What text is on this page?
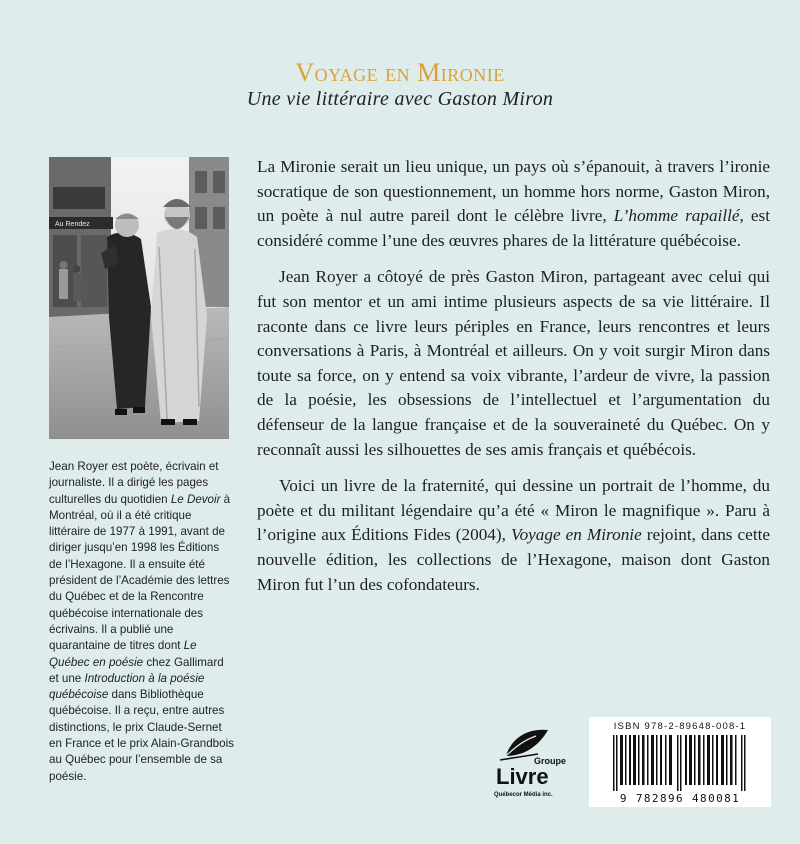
Voyage en Mironie
Une vie littéraire avec Gaston Miron
Au Rendez

La Mironie serait un lieu unique, un pays où s’épanouit, à travers l’ironie socratique de son questionnement, un homme hors norme, Gaston Miron, un poète à nul autre pareil dont le célèbre livre, L’homme rapaillé, est considéré comme l’une des œuvres phares de la littérature québécoise.

Jean Royer a côtoyé de près Gaston Miron, partageant avec celui qui fut son mentor et un ami intime plusieurs aspects de sa vie littéraire. Il raconte dans ce livre leurs périples en France, leurs rencontres et leurs conversations à Paris, à Montréal et ailleurs. On y voit surgir Miron dans toute sa force, on y entend sa voix vibrante, l’ardeur de vivre, la passion de la poésie, les obsessions de l’intellectuel et l’argumentation du défenseur de la langue française et de la souveraineté du Québec. On y reconnaît aussi les silhouettes de ses amis français et québécois.

Voici un livre de la fraternité, qui dessine un portrait de l’homme, du poète et du militant légendaire qu’a été « Miron le magnifique ». Paru à l’origine aux Éditions Fides (2004), Voyage en Mironie rejoint, dans cette nouvelle édition, les collections de l’Hexagone, maison dont Gaston Miron fut l’un des cofondateurs.

Jean Royer est poète, écrivain et journaliste. Il a dirigé les pages culturelles du quotidien Le Devoir à Montréal, où il a été critique littéraire de 1977 à 1991, avant de diriger jusqu’en 1998 les Éditions de l’Hexagone. Il a ensuite été président de l’Académie des lettres du Québec et de la Rencontre québécoise internationale des écrivains. Il a publié une quarantaine de titres dont Le Québec en poésie chez Gallimard et une Introduction à la poésie québécoise dans Bibliothèque québécoise. Il a reçu, entre autres distinctions, le prix Claude-Sernet en France et le prix Alain-Grandbois au Québec pour l’ensemble de sa poésie.

Groupe
Livre
Québecor Média inc.
ISBN 978-2-89648-008-1
9 782896 480081
